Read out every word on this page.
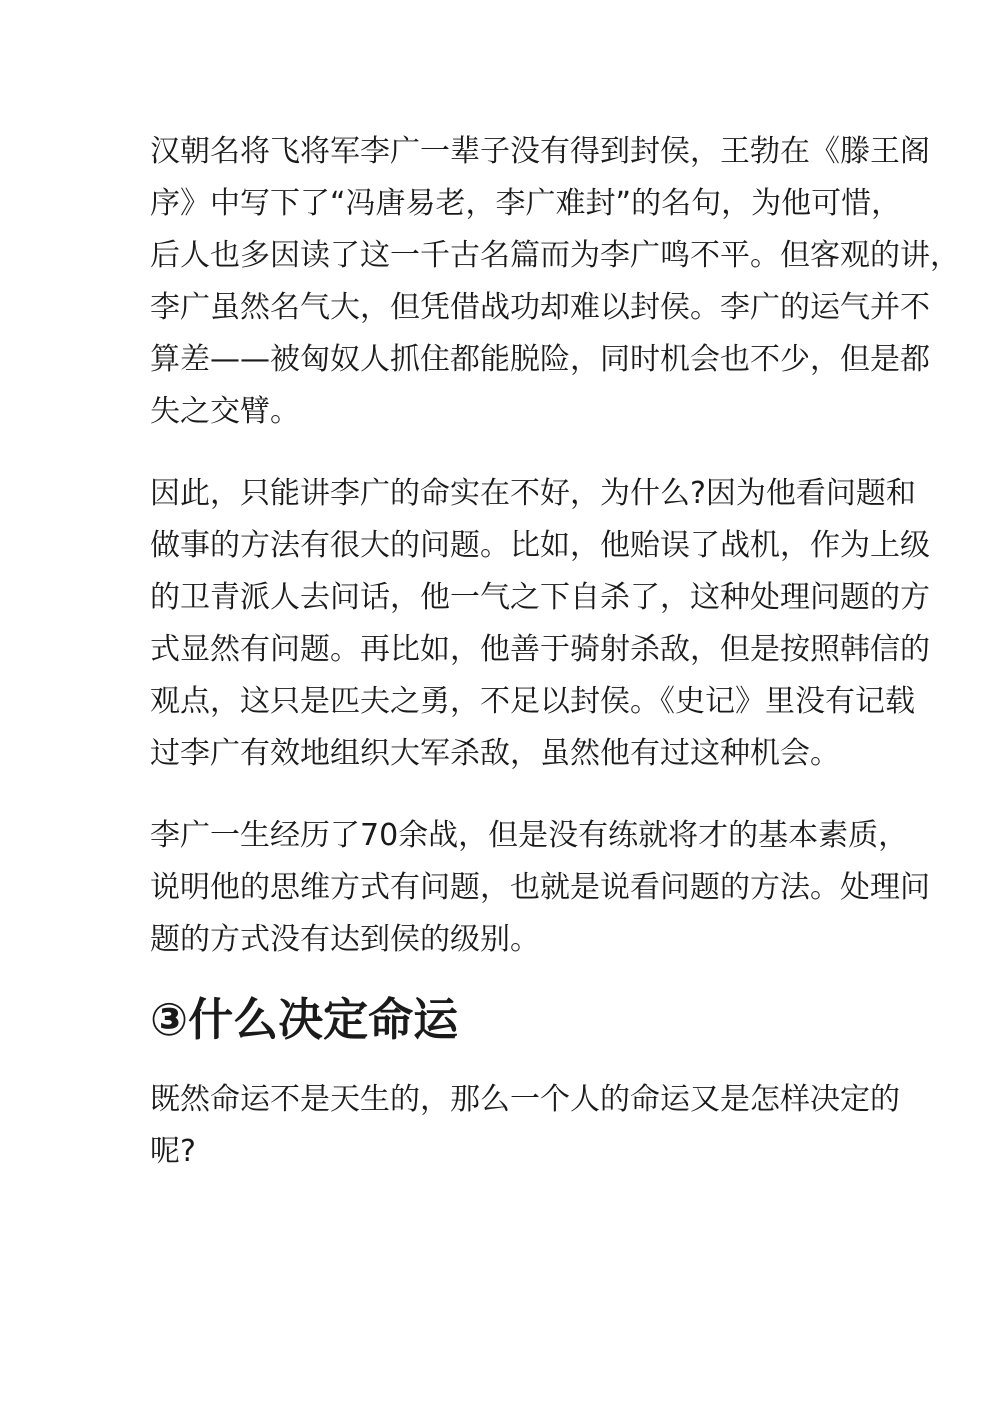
汉朝名将飞将军李广一辈子没有得到封侯，王勃在《滕王阁
序》中写下了“冯唐易老，李广难封”的名句，为他可惜，
后人也多因读了这一千古名篇而为李广鸣不平。但客观的讲，
李广虽然名气大，但凭借战功却难以封侯。李广的运气并不
算差——被匈奴人抓住都能脱险，同时机会也不少，但是都
失之交臂。

因此，只能讲李广的命实在不好，为什么?因为他看问题和
做事的方法有很大的问题。比如，他贻误了战机，作为上级
的卫青派人去问话，他一气之下自杀了，这种处理问题的方
式显然有问题。再比如，他善于骑射杀敌，但是按照韩信的
观点，这只是匹夫之勇，不足以封侯。《史记》里没有记载
过李广有效地组织大军杀敌，虽然他有过这种机会。

李广一生经历了70余战，但是没有练就将才的基本素质，
说明他的思维方式有问题，也就是说看问题的方法。处理问
题的方式没有达到侯的级别。

③什么决定命运

既然命运不是天生的，那么一个人的命运又是怎样决定的
呢?
